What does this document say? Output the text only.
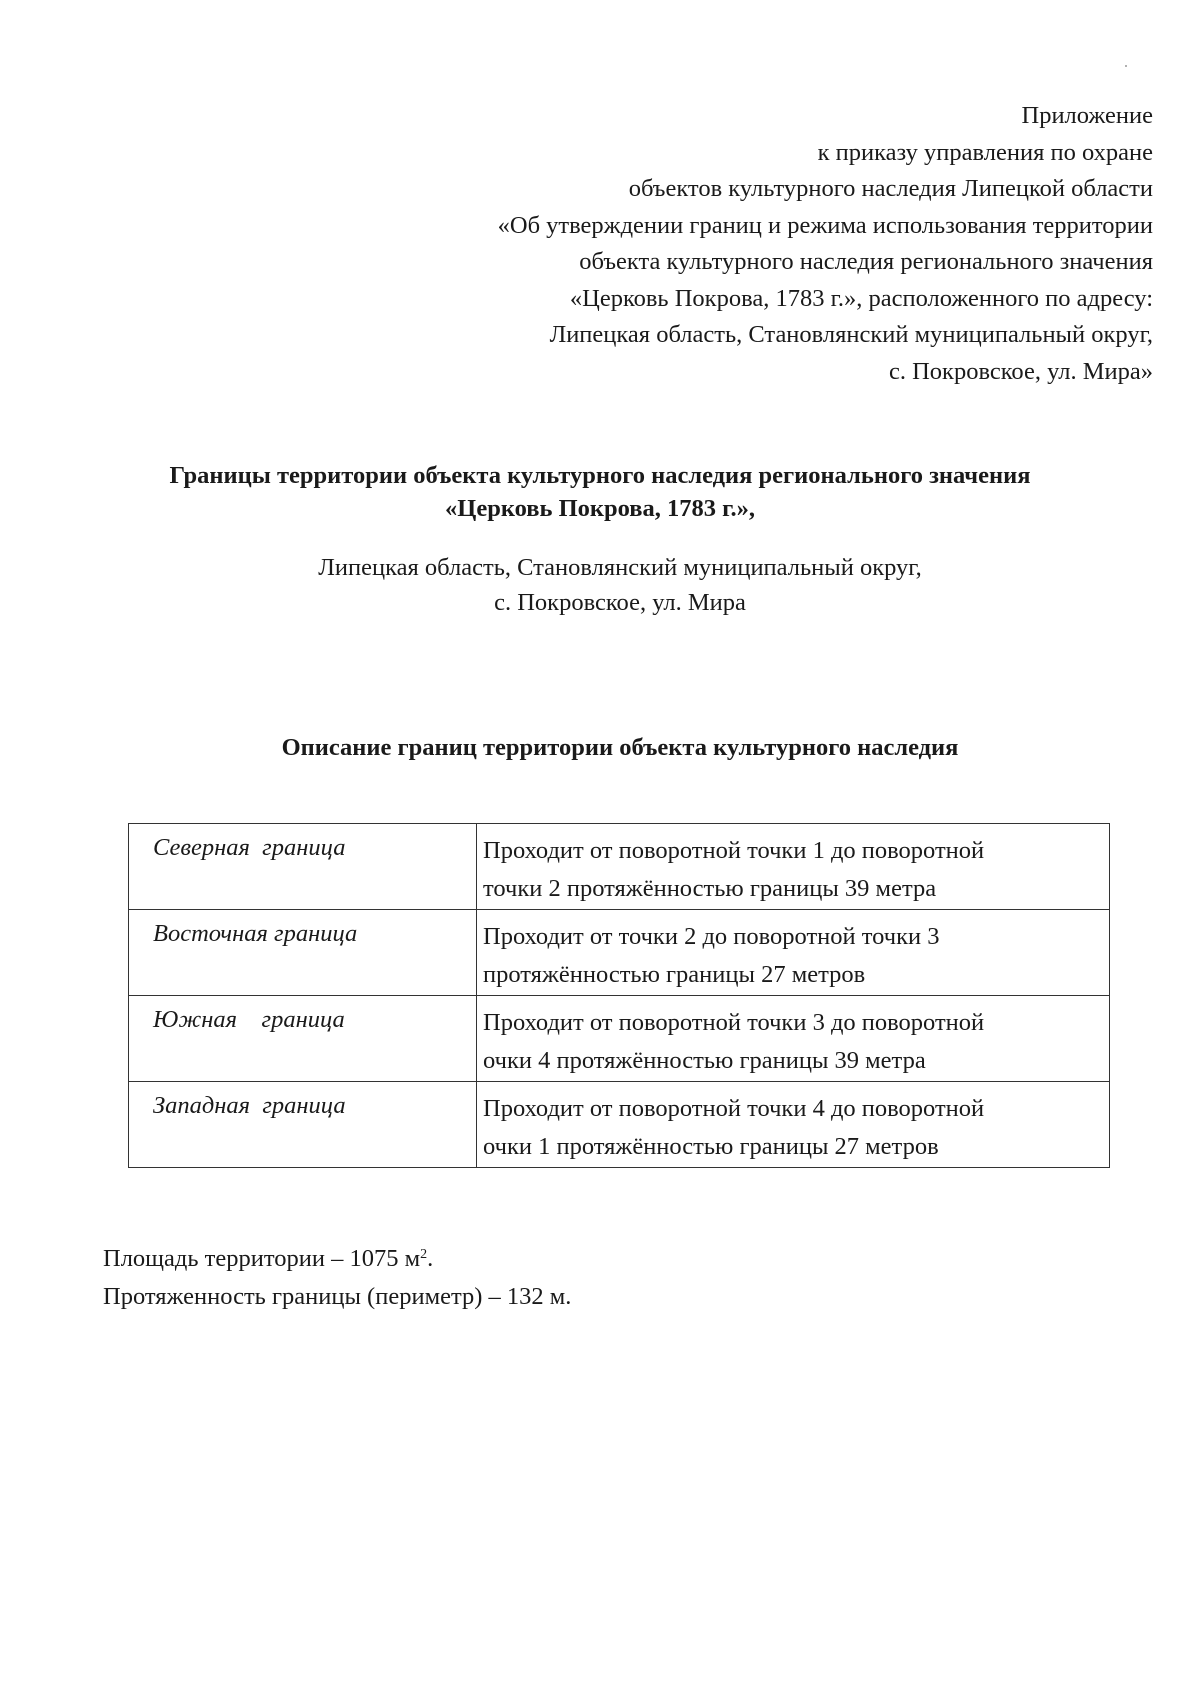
Приложение
к приказу управления по охране
объектов культурного наследия Липецкой области
«Об утверждении границ и режима использования территории
объекта культурного наследия регионального значения
«Церковь Покрова, 1783 г.», расположенного по адресу:
Липецкая область, Становлянский муниципальный округ,
с. Покровское, ул. Мира»
Границы территории объекта культурного наследия регионального значения
«Церковь Покрова, 1783 г.»,
Липецкая область, Становлянский муниципальный округ,
с. Покровское, ул. Мира
Описание границ территории объекта культурного наследия
Северная  граница	Проходит от поворотной точки 1 до поворотной
точки 2 протяжённостью границы 39 метра

Восточная граница	Проходит от точки 2 до поворотной точки 3
протяжённостью границы 27 метров

Южная    граница	Проходит от поворотной точки 3 до поворотной
очки 4 протяжённостью границы 39 метра

Западная  граница	Проходит от поворотной точки 4 до поворотной
очки 1 протяжённостью границы 27 метров
Площадь территории – 1075 $м^2$.
Протяженность границы (периметр) – 132 м.
